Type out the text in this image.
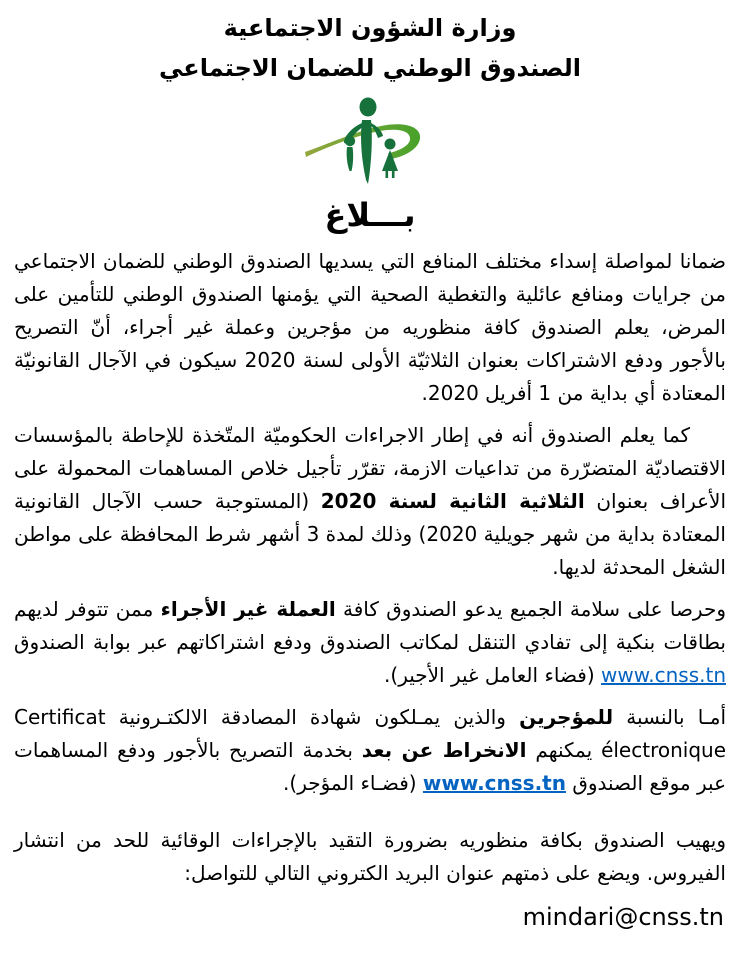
وزارة الشؤون الاجتماعية
الصندوق الوطني للضمان الاجتماعي
بـــلاغ

ضمانا لمواصلة إسداء مختلف المنافع التي يسديها الصندوق الوطني للضمان الاجتماعي من جرايات ومنافع عائلية والتغطية الصحية التي يؤمنها الصندوق الوطني للتأمين على المرض، يعلم الصندوق كافة منظوريه من مؤجرين وعملة غير أجراء، أنّ التصريح بالأجور ودفع الاشتراكات بعنوان الثلاثيّة الأولى لسنة 2020 سيكون في الآجال القانونيّة المعتادة أي بداية من 1 أفريل 2020.

كما يعلم الصندوق أنه في إطار الاجراءات الحكوميّة المتّخذة للإحاطة بالمؤسسات الاقتصاديّة المتضرّرة من تداعيات الازمة، تقرّر تأجيل خلاص المساهمات المحمولة على الأعراف بعنوان الثلاثية الثانية لسنة 2020 (المستوجبة حسب الآجال القانونية المعتادة بداية من شهر جويلية 2020) وذلك لمدة 3 أشهر شرط المحافظة على مواطن الشغل المحدثة لديها.

وحرصا على سلامة الجميع يدعو الصندوق كافة العملة غير الأجراء ممن تتوفر لديهم بطاقات بنكية إلى تفادي التنقل لمكاتب الصندوق ودفع اشتراكاتهم عبر بوابة الصندوق www.cnss.tn (فضاء العامل غير الأجير).

أمـا بالنسبة للمؤجرين والذين يمـلكون شهادة المصادقة الالكتـرونية Certificat électronique يمكنهم الانخراط عن بعد بخدمة التصريح بالأجور ودفع المساهمات عبر موقع الصندوق www.cnss.tn (فضـاء المؤجر).

ويهيب الصندوق بكافة منظوريه بضرورة التقيد بالإجراءات الوقائية للحد من انتشار الفيروس. ويضع على ذمتهم عنوان البريد الكتروني التالي للتواصل:

mindari@cnss.tn
